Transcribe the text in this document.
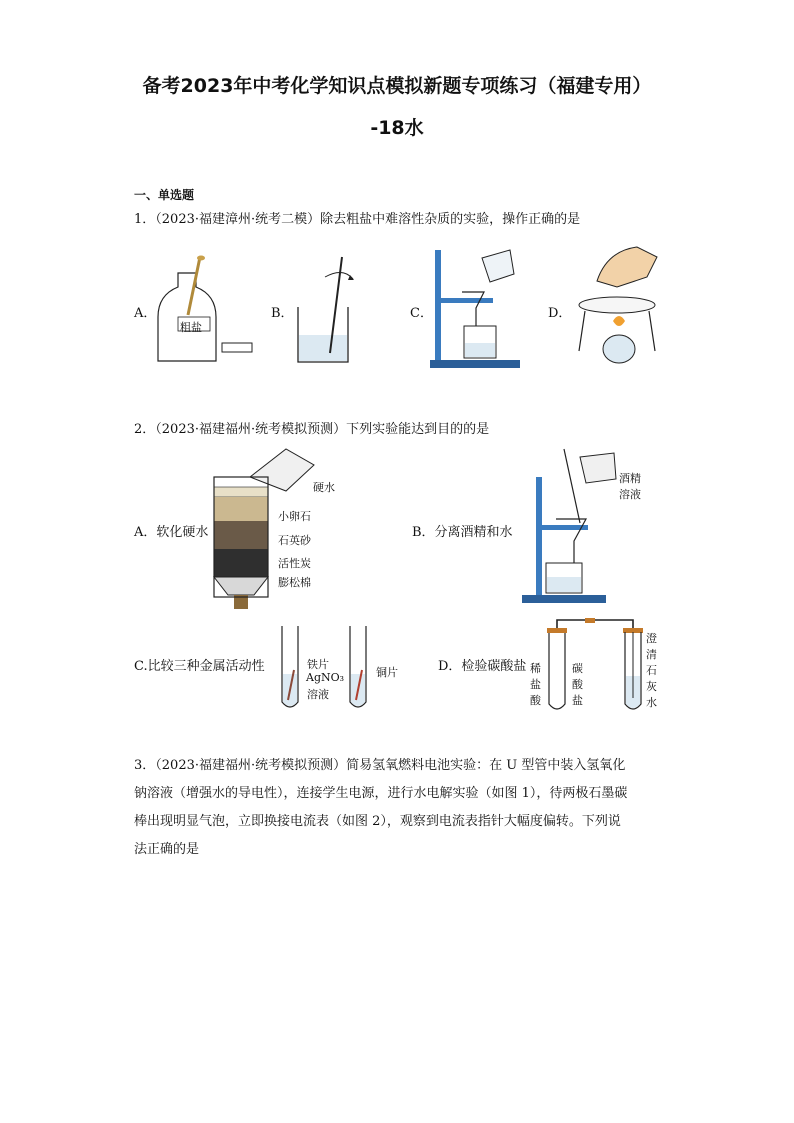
备考2023年中考化学知识点模拟新题专项练习（福建专用）
-18水
一、单选题
1．（2023·福建漳州·统考二模）除去粗盐中难溶性杂质的实验，操作正确的是
A．	B．	C．	D．
粗盐
2．（2023·福建福州·统考模拟预测）下列实验能达到目的的是
A．软化硬水	B．分离酒精和水
C.比较三种金属活动性	D．检验碳酸盐
硬水
小卵石
石英砂
活性炭
膨松棉
酒精
溶液
铁片
AgNO₃
溶液
铜片	稀
盐
酸
碳
酸
盐
澄
清
石
灰
水
3．（2023·福建福州·统考模拟预测）简易氢氧燃料电池实验：在 U 型管中装入氢氧化
钠溶液（增强水的导电性），连接学生电源，进行水电解实验（如图 1），待两极石墨碳
棒出现明显气泡，立即换接电流表（如图 2），观察到电流表指针大幅度偏转。下列说
法正确的是
